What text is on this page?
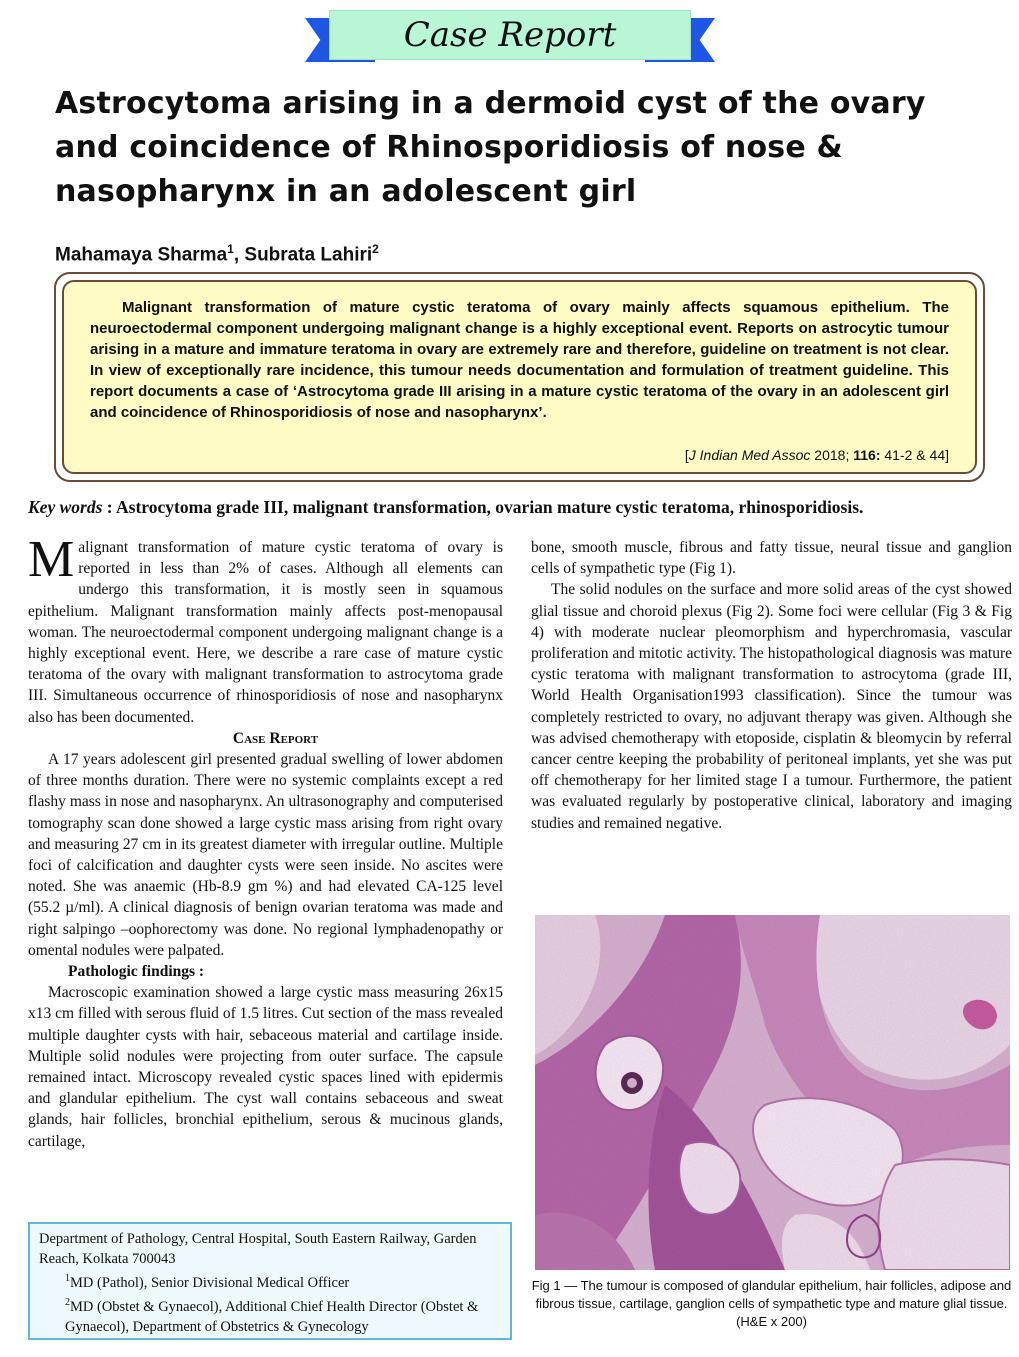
Case Report
Astrocytoma arising in a dermoid cyst of the ovary and coincidence of Rhinosporidiosis of nose & nasopharynx in an adolescent girl
Mahamaya Sharma$^1$, Subrata Lahiri$^2$

Malignant transformation of mature cystic teratoma of ovary mainly affects squamous epithelium. The neuroectodermal component undergoing malignant change is a highly exceptional event. Reports on astrocytic tumour arising in a mature and immature teratoma in ovary are extremely rare and therefore, guideline on treatment is not clear. In view of exceptionally rare incidence, this tumour needs documentation and formulation of treatment guideline. This report documents a case of ‘Astrocytoma grade III arising in a mature cystic teratoma of the ovary in an adolescent girl and coincidence of Rhinosporidiosis of nose and nasopharynx’.

[J Indian Med Assoc 2018; 116: 41-2 & 44]
Key words : Astrocytoma grade III, malignant transformation, ovarian mature cystic teratoma, rhinosporidiosis.

Malignant transformation of mature cystic teratoma of ovary is reported in less than 2% of cases. Although all elements can undergo this transformation, it is mostly seen in squamous epithelium. Malignant transformation mainly affects post-menopausal woman. The neuroectodermal component undergoing malignant change is a highly exceptional event. Here, we describe a rare case of mature cystic teratoma of the ovary with malignant transformation to astrocytoma grade III. Simultaneous occurrence of rhinosporidiosis of nose and nasopharynx also has been documented.

Case Report

A 17 years adolescent girl presented gradual swelling of lower abdomen of three months duration. There were no systemic complaints except a red flashy mass in nose and nasopharynx. An ultrasonography and computerised tomography scan done showed a large cystic mass arising from right ovary and measuring 27 cm in its greatest diameter with irregular outline. Multiple foci of calcification and daughter cysts were seen inside. No ascites were noted. She was anaemic (Hb-8.9 gm %) and had elevated CA-125 level (55.2 µ/ml). A clinical diagnosis of benign ovarian teratoma was made and right salpingo –oophorectomy was done. No regional lymphadenopathy or omental nodules were palpated.

Pathologic findings :

Macroscopic examination showed a large cystic mass measuring 26x15 x13 cm filled with serous fluid of 1.5 litres. Cut section of the mass revealed multiple daughter cysts with hair, sebaceous material and cartilage inside. Multiple solid nodules were projecting from outer surface. The capsule remained intact. Microscopy revealed cystic spaces lined with epidermis and glandular epithelium. The cyst wall contains sebaceous and sweat glands, hair follicles, bronchial epithelium, serous & mucinous glands, cartilage,

bone, smooth muscle, fibrous and fatty tissue, neural tissue and ganglion cells of sympathetic type (Fig 1).

The solid nodules on the surface and more solid areas of the cyst showed glial tissue and choroid plexus (Fig 2). Some foci were cellular (Fig 3 & Fig 4) with moderate nuclear pleomorphism and hyperchromasia, vascular proliferation and mitotic activity. The histopathological diagnosis was mature cystic teratoma with malignant transformation to astrocytoma (grade III, World Health Organisation1993 classification). Since the tumour was completely restricted to ovary, no adjuvant therapy was given. Although she was advised chemotherapy with etoposide, cisplatin & bleomycin by referral cancer centre keeping the probability of peritoneal implants, yet she was put off chemotherapy for her limited stage I a tumour. Furthermore, the patient was evaluated regularly by postoperative clinical, laboratory and imaging studies and remained negative.

Department of Pathology, Central Hospital, South Eastern Railway, Garden Reach, Kolkata 700043

$^1$MD (Pathol), Senior Divisional Medical Officer

$^2$MD (Obstet & Gynaecol), Additional Chief Health Director (Obstet & Gynaecol), Department of Obstetrics & Gynecology

Fig 1 — The tumour is composed of glandular epithelium, hair follicles, adipose and fibrous tissue, cartilage, ganglion cells of sympathetic type and mature glial tissue. (H&E x 200)
